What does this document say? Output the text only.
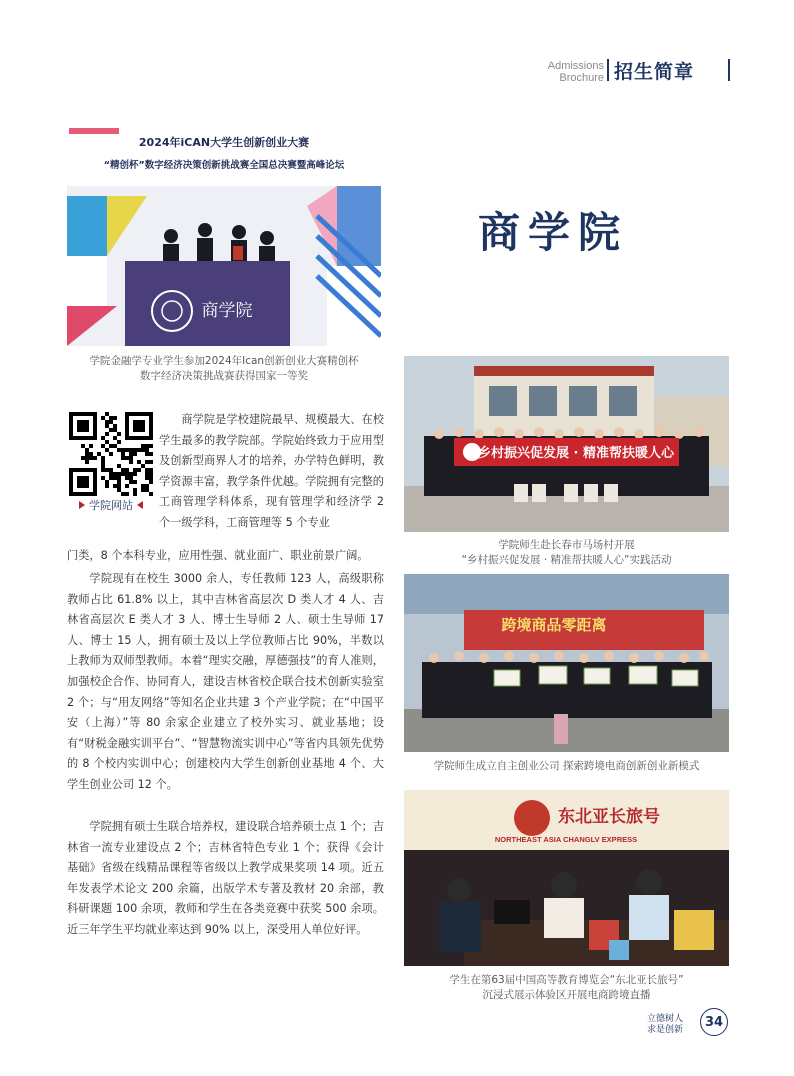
Admissions
Brochure 招生简章
商学院
2024年iCAN大学生创新创业大赛
“精创杯”数字经济决策创新挑战赛全国总决赛暨高峰论坛
商学院
学院金融学专业学生参加2024年Ican创新创业大赛精创杯
数字经济决策挑战赛获得国家一等奖
乡村振兴促发展 · 精准帮扶暖人心
学院师生赴长春市马场村开展
“乡村振兴促发展 · 精准帮扶暖人心”实践活动
跨境商品零距离
学院师生成立自主创业公司 探索跨境电商创新创业新模式
东北亚长旅号
NORTHEAST ASIA CHANGLV EXPRESS
学生在第63届中国高等教育博览会“东北亚长旅号”
沉浸式展示体验区开展电商跨境直播
学院网站
商学院是学校建院最早、规模最大、在校学生最多的教学院部。学院始终致力于应用型及创新型商界人才的培养，办学特色鲜明，教学资源丰富，教学条件优越。学院拥有完整的工商管理学科体系，现有管理学和经济学 2 个一级学科，工商管理等 5 个专业
门类，8 个本科专业，应用性强、就业面广、职业前景广阔。
学院现有在校生 3000 余人，专任教师 123 人，高级职称教师占比 61.8% 以上，其中吉林省高层次 D 类人才 4 人、吉林省高层次 E 类人才 3 人、博士生导师 2 人、硕士生导师 17 人、博士 15 人，拥有硕士及以上学位教师占比 90%，半数以上教师为双师型教师。本着“理实交融，厚德强技”的育人准则，加强校企合作、协同育人，建设吉林省校企联合技术创新实验室 2 个；与“用友网络”等知名企业共建 3 个产业学院；在“中国平安（上海）”等 80 余家企业建立了校外实习、就业基地；设有“财税金融实训平台”、“智慧物流实训中心”等省内具领先优势的 8 个校内实训中心；创建校内大学生创新创业基地 4 个、大学生创业公司 12 个。
学院拥有硕士生联合培养权，建设联合培养硕士点 1 个；吉林省一流专业建设点 2 个；吉林省特色专业 1 个；获得《会计基础》省级在线精品课程等省级以上教学成果奖项 14 项。近五年发表学术论文 200 余篇，出版学术专著及教材 20 余部，教科研课题 100 余项，教师和学生在各类竞赛中获奖 500 余项。近三年学生平均就业率达到 90% 以上，深受用人单位好评。
立德树人
求是创新
34
